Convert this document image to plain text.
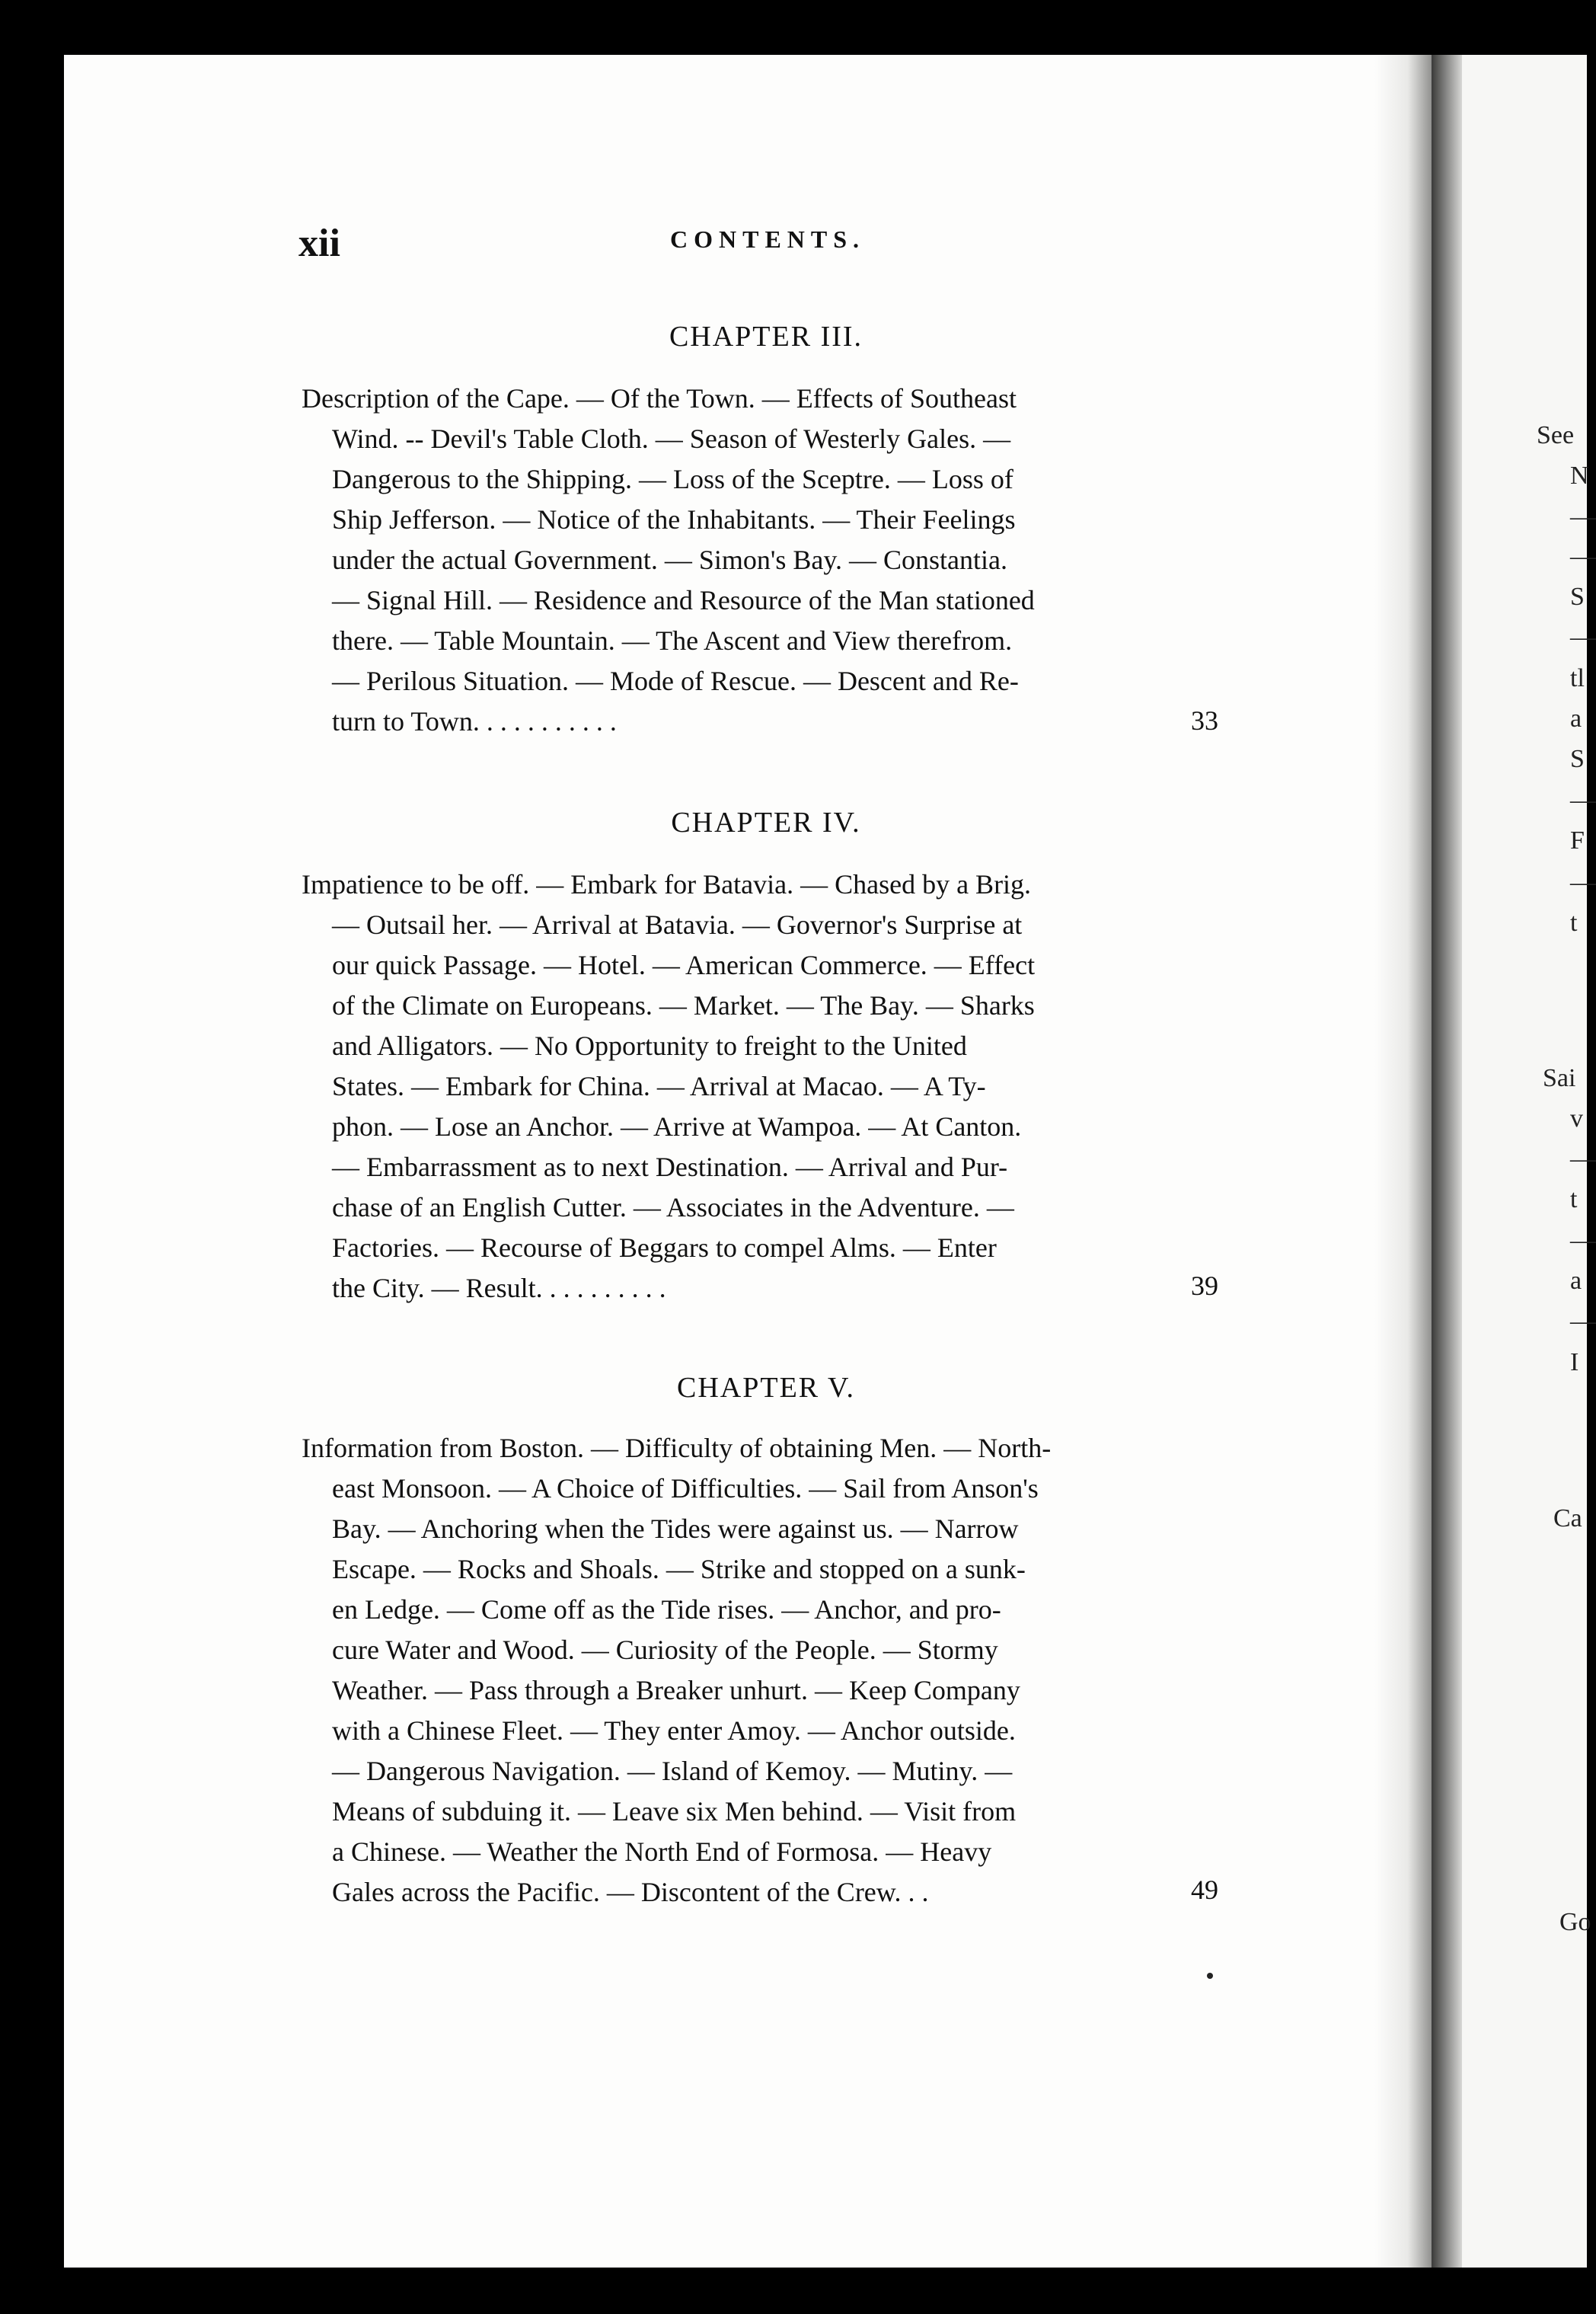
xii	CONTENTS.
CHAPTER III.
Description of the Cape. — Of the Town. — Effects of Southeast
Wind. -- Devil's Table Cloth. — Season of Westerly Gales. —
Dangerous to the Shipping. — Loss of the Sceptre. — Loss of
Ship Jefferson. — Notice of the Inhabitants. — Their Feelings
under the actual Government. — Simon's Bay. — Constantia.
— Signal Hill. — Residence and Resource of the Man stationed
there. — Table Mountain. — The Ascent and View therefrom.
— Perilous Situation. — Mode of Rescue. — Descent and Re-
turn to Town. . . . . . . . . . .	33
CHAPTER IV.
Impatience to be off. — Embark for Batavia. — Chased by a Brig.
— Outsail her. — Arrival at Batavia. — Governor's Surprise at
our quick Passage. — Hotel. — American Commerce. — Effect
of the Climate on Europeans. — Market. — The Bay. — Sharks
and Alligators. — No Opportunity to freight to the United
States. — Embark for China. — Arrival at Macao. — A Ty-
phon. — Lose an Anchor. — Arrive at Wampoa. — At Canton.
— Embarrassment as to next Destination. — Arrival and Pur-
chase of an English Cutter. — Associates in the Adventure. —
Factories. — Recourse of Beggars to compel Alms. — Enter
the City. — Result. . . . . . . . . .	39
CHAPTER V.
Information from Boston. — Difficulty of obtaining Men. — North-
east Monsoon. — A Choice of Difficulties. — Sail from Anson's
Bay. — Anchoring when the Tides were against us. — Narrow
Escape. — Rocks and Shoals. — Strike and stopped on a sunk-
en Ledge. — Come off as the Tide rises. — Anchor, and pro-
cure Water and Wood. — Curiosity of the People. — Stormy
Weather. — Pass through a Breaker unhurt. — Keep Company
with a Chinese Fleet. — They enter Amoy. — Anchor outside.
— Dangerous Navigation. — Island of Kemoy. — Mutiny. —
Means of subduing it. — Leave six Men behind. — Visit from
a Chinese. — Weather the North End of Formosa. — Heavy
Gales across the Pacific. — Discontent of the Crew. . .	49
See
N
—
—
S
—
tl
a
S
—
F
—
t
Sai
v
—
t
—
a
—
I
Ca
Go
